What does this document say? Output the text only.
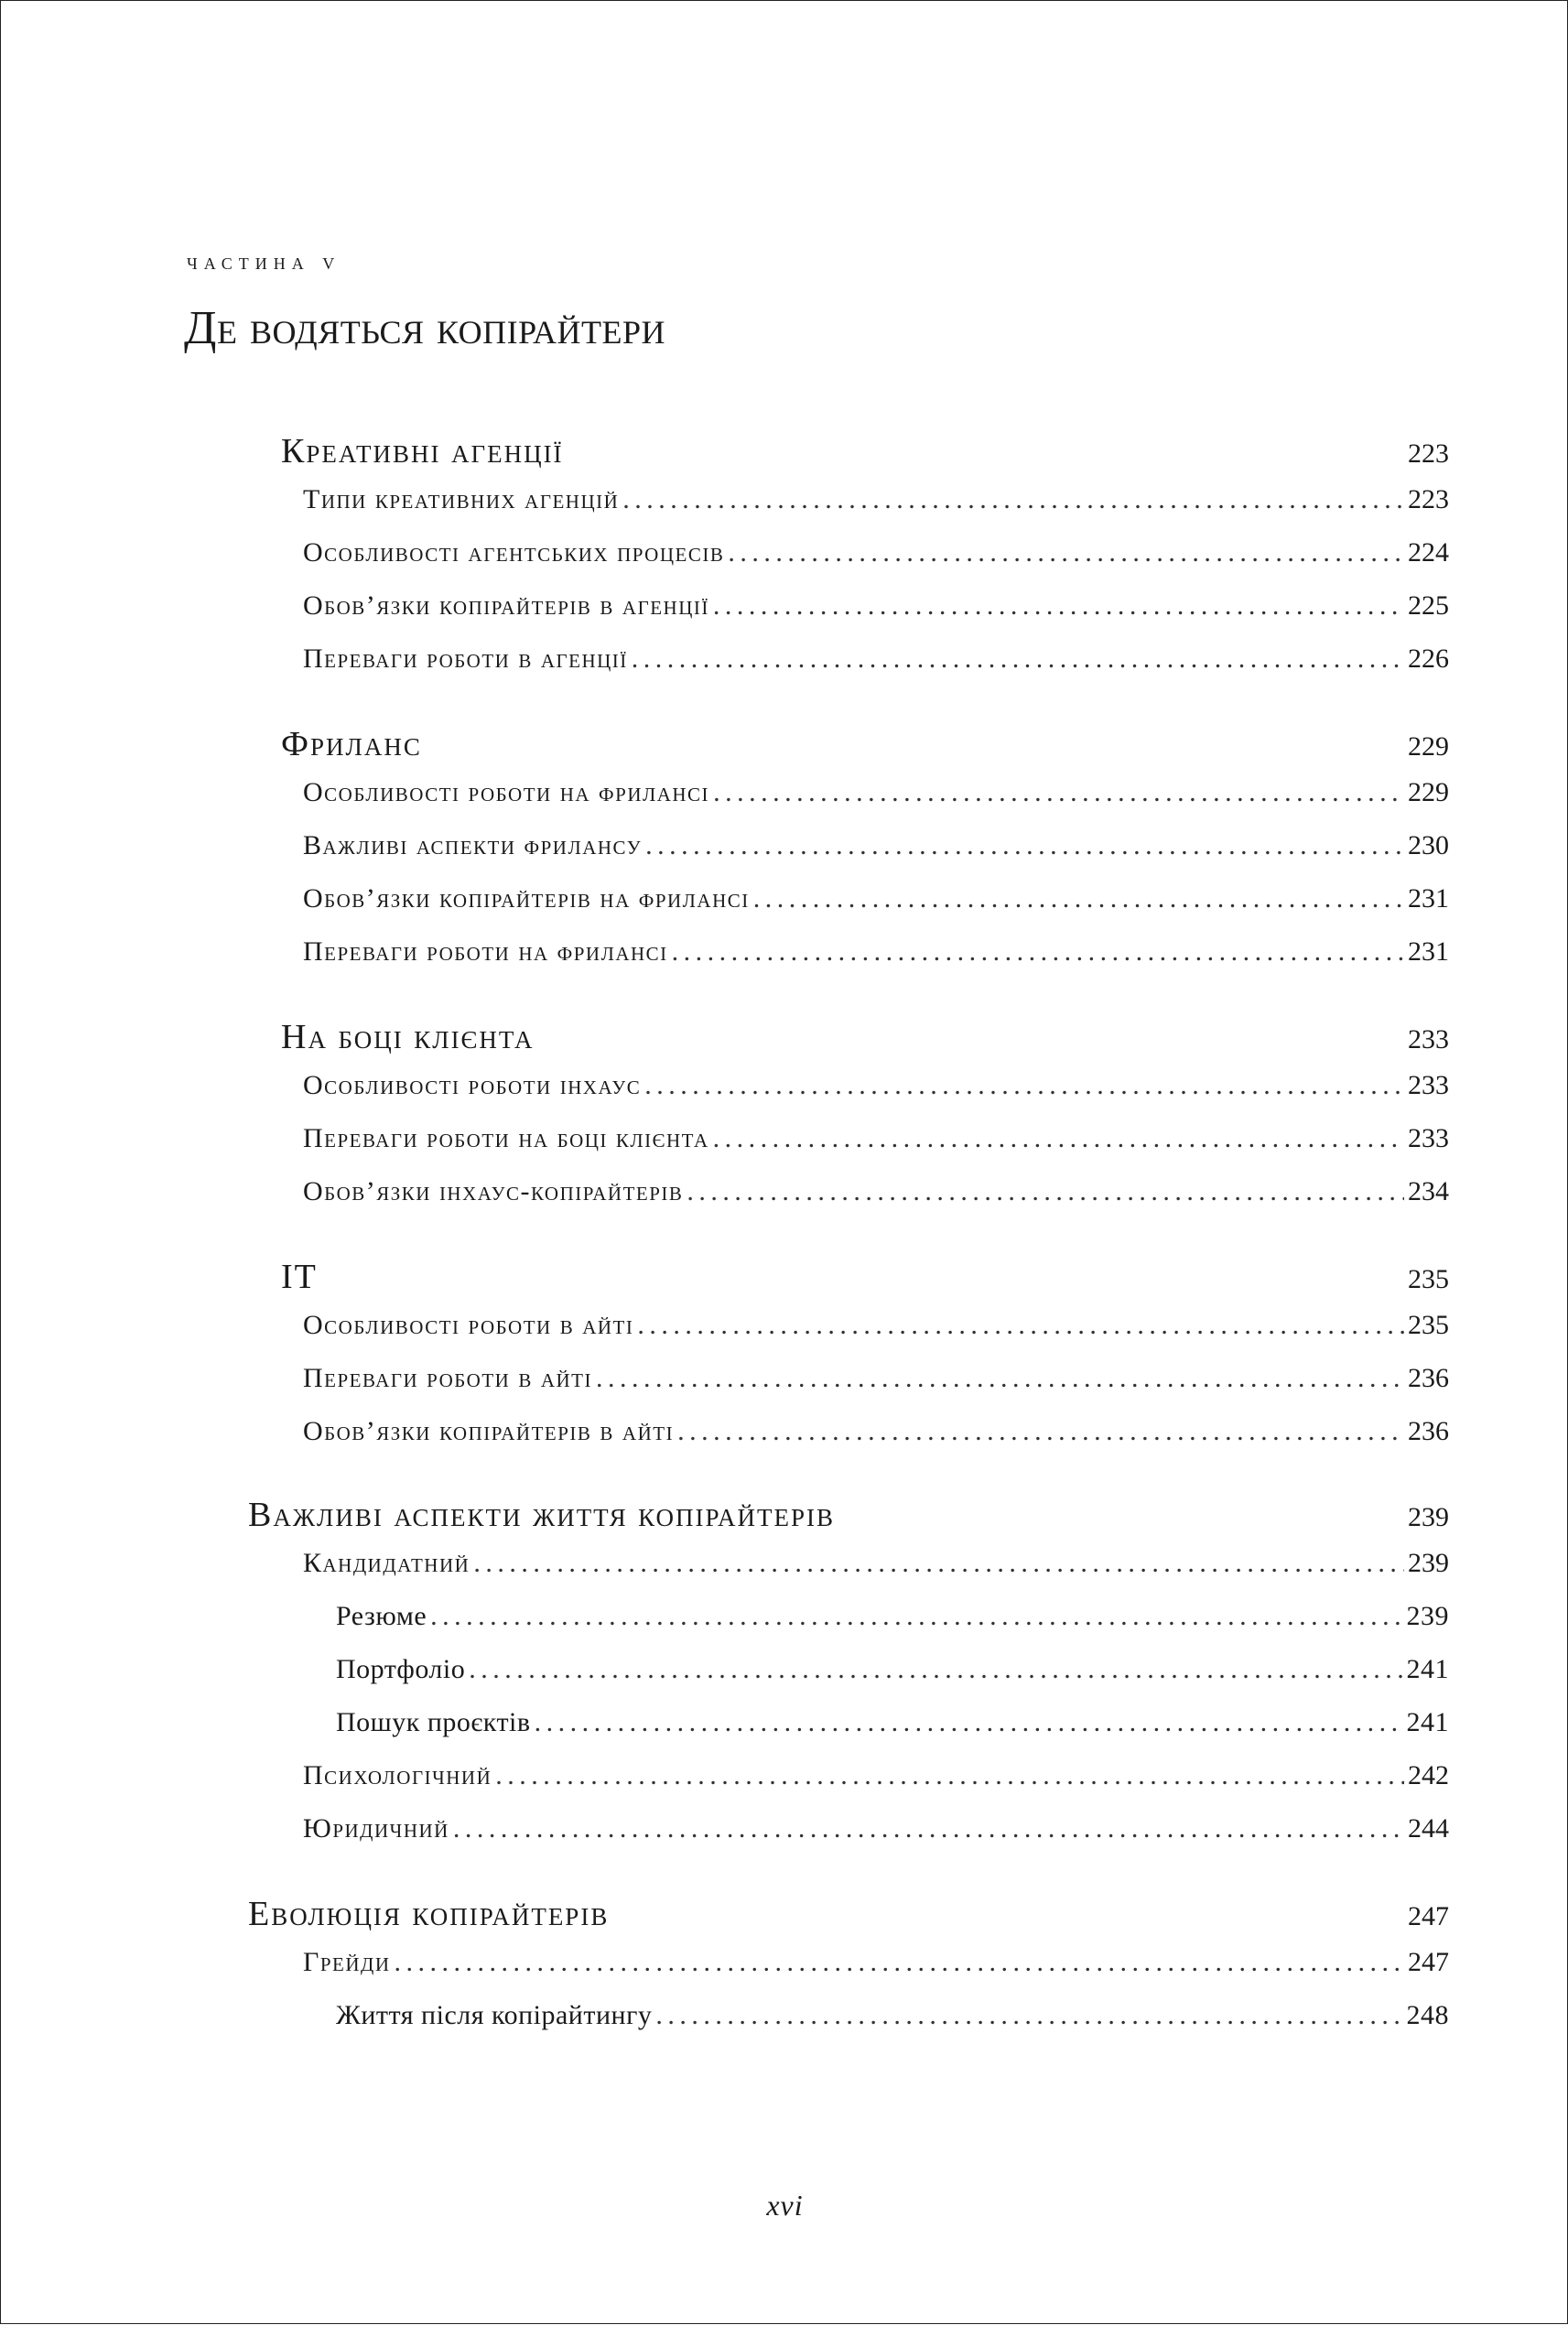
частина v
Де водяться копірайтери
Креативні агенції	223
Типи креативних агенцій . . .	223
Особливості агентських процесів . . .	224
Обов’язки копірайтерів в агенції . . .	225
Переваги роботи в агенції . . .	226
Фриланс	229
Особливості роботи на фрилансі . . .	229
Важливі аспекти фрилансу . . .	230
Обов’язки копірайтерів на фрилансі . . .	231
Переваги роботи на фрилансі . . .	231
На боці клієнта	233
Особливості роботи інхаус . . .	233
Переваги роботи на боці клієнта . . .	233
Обов’язки інхаус-копірайтерів . . .	234
IT	235
Особливості роботи в айті . . .	235
Переваги роботи в айті . . .	236
Обов’язки копірайтерів в айті . . .	236
Важливі аспекти життя копірайтерів	239
Кандидатний . . .	239
Резюме . . .	239
Портфоліо . . .	241
Пошук проєктів . . .	241
Психологічний . . .	242
Юридичний . . .	244
Еволюція копірайтерів	247
Грейди . . .	247
Життя після копірайтингу . . .	248
xvi
